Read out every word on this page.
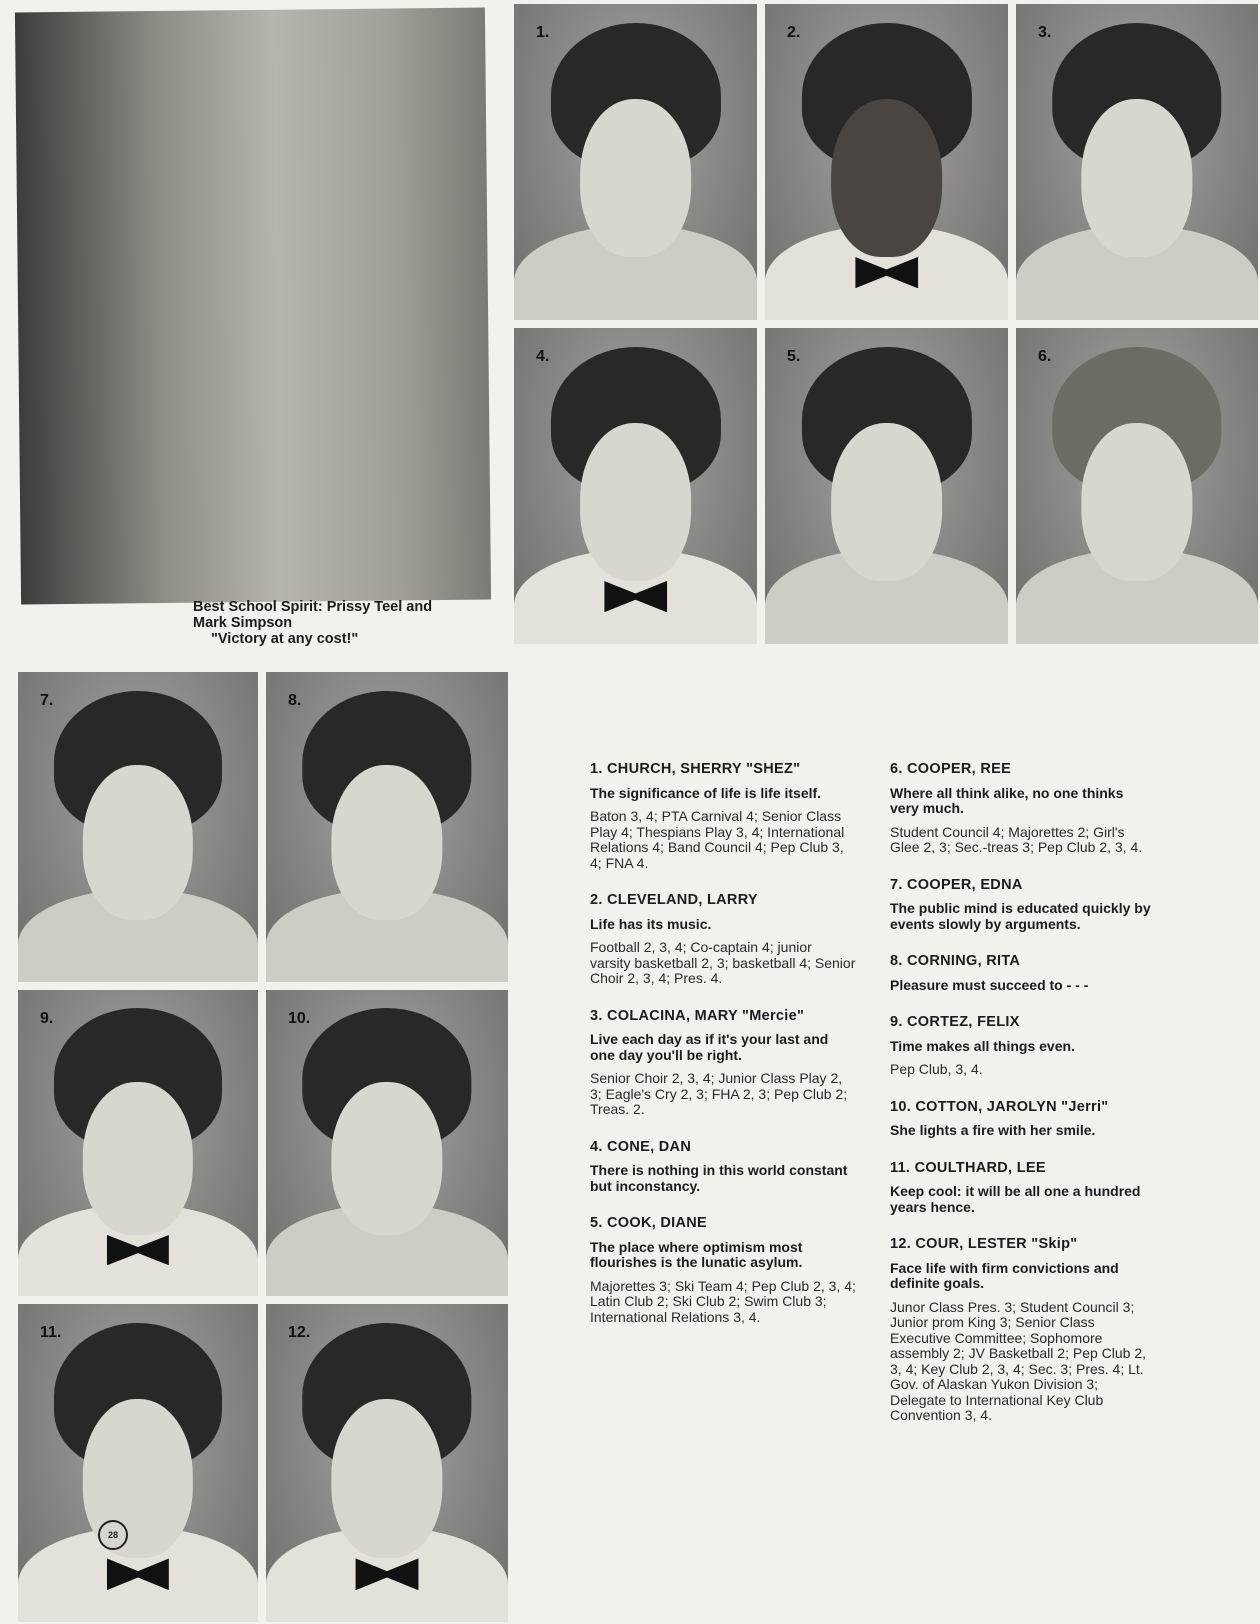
Best School Spirit: Prissy Teel and
Mark Simpson
"Victory at any cost!"
1.	2.	3.
4.	5.	6.
7.	8.
9.	10.
11.	12.
28
1. CHURCH, SHERRY "SHEZ"
The significance of life is life itself.
Baton 3, 4; PTA Carnival 4; Senior Class Play 4; Thespians Play 3, 4; International Relations 4; Band Council 4; Pep Club 3, 4; FNA 4.
2. CLEVELAND, LARRY
Life has its music.
Football 2, 3, 4; Co-captain 4; junior varsity basketball 2, 3; basketball 4; Senior Choir 2, 3, 4; Pres. 4.
3. COLACINA, MARY "Mercie"
Live each day as if it's your last and one day you'll be right.
Senior Choir 2, 3, 4; Junior Class Play 2, 3; Eagle's Cry 2, 3; FHA 2, 3; Pep Club 2; Treas. 2.
4. CONE, DAN
There is nothing in this world constant but inconstancy.
5. COOK, DIANE
The place where optimism most flourishes is the lunatic asylum.
Majorettes 3; Ski Team 4; Pep Club 2, 3, 4; Latin Club 2; Ski Club 2; Swim Club 3; International Relations 3, 4.
6. COOPER, REE
Where all think alike, no one thinks very much.
Student Council 4; Majorettes 2; Girl's Glee 2, 3; Sec.-treas 3; Pep Club 2, 3, 4.
7. COOPER, EDNA
The public mind is educated quickly by events slowly by arguments.
8. CORNING, RITA
Pleasure must succeed to - - -
9. CORTEZ, FELIX
Time makes all things even.
Pep Club, 3, 4.
10. COTTON, JAROLYN "Jerri"
She lights a fire with her smile.
11. COULTHARD, LEE
Keep cool: it will be all one a hundred years hence.
12. COUR, LESTER "Skip"
Face life with firm convictions and definite goals.
Junor Class Pres. 3; Student Council 3; Junior prom King 3; Senior Class Executive Committee; Sophomore assembly 2; JV Basketball 2; Pep Club 2, 3, 4; Key Club 2, 3, 4; Sec. 3; Pres. 4; Lt. Gov. of Alaskan Yukon Division 3; Delegate to International Key Club Convention 3, 4.
